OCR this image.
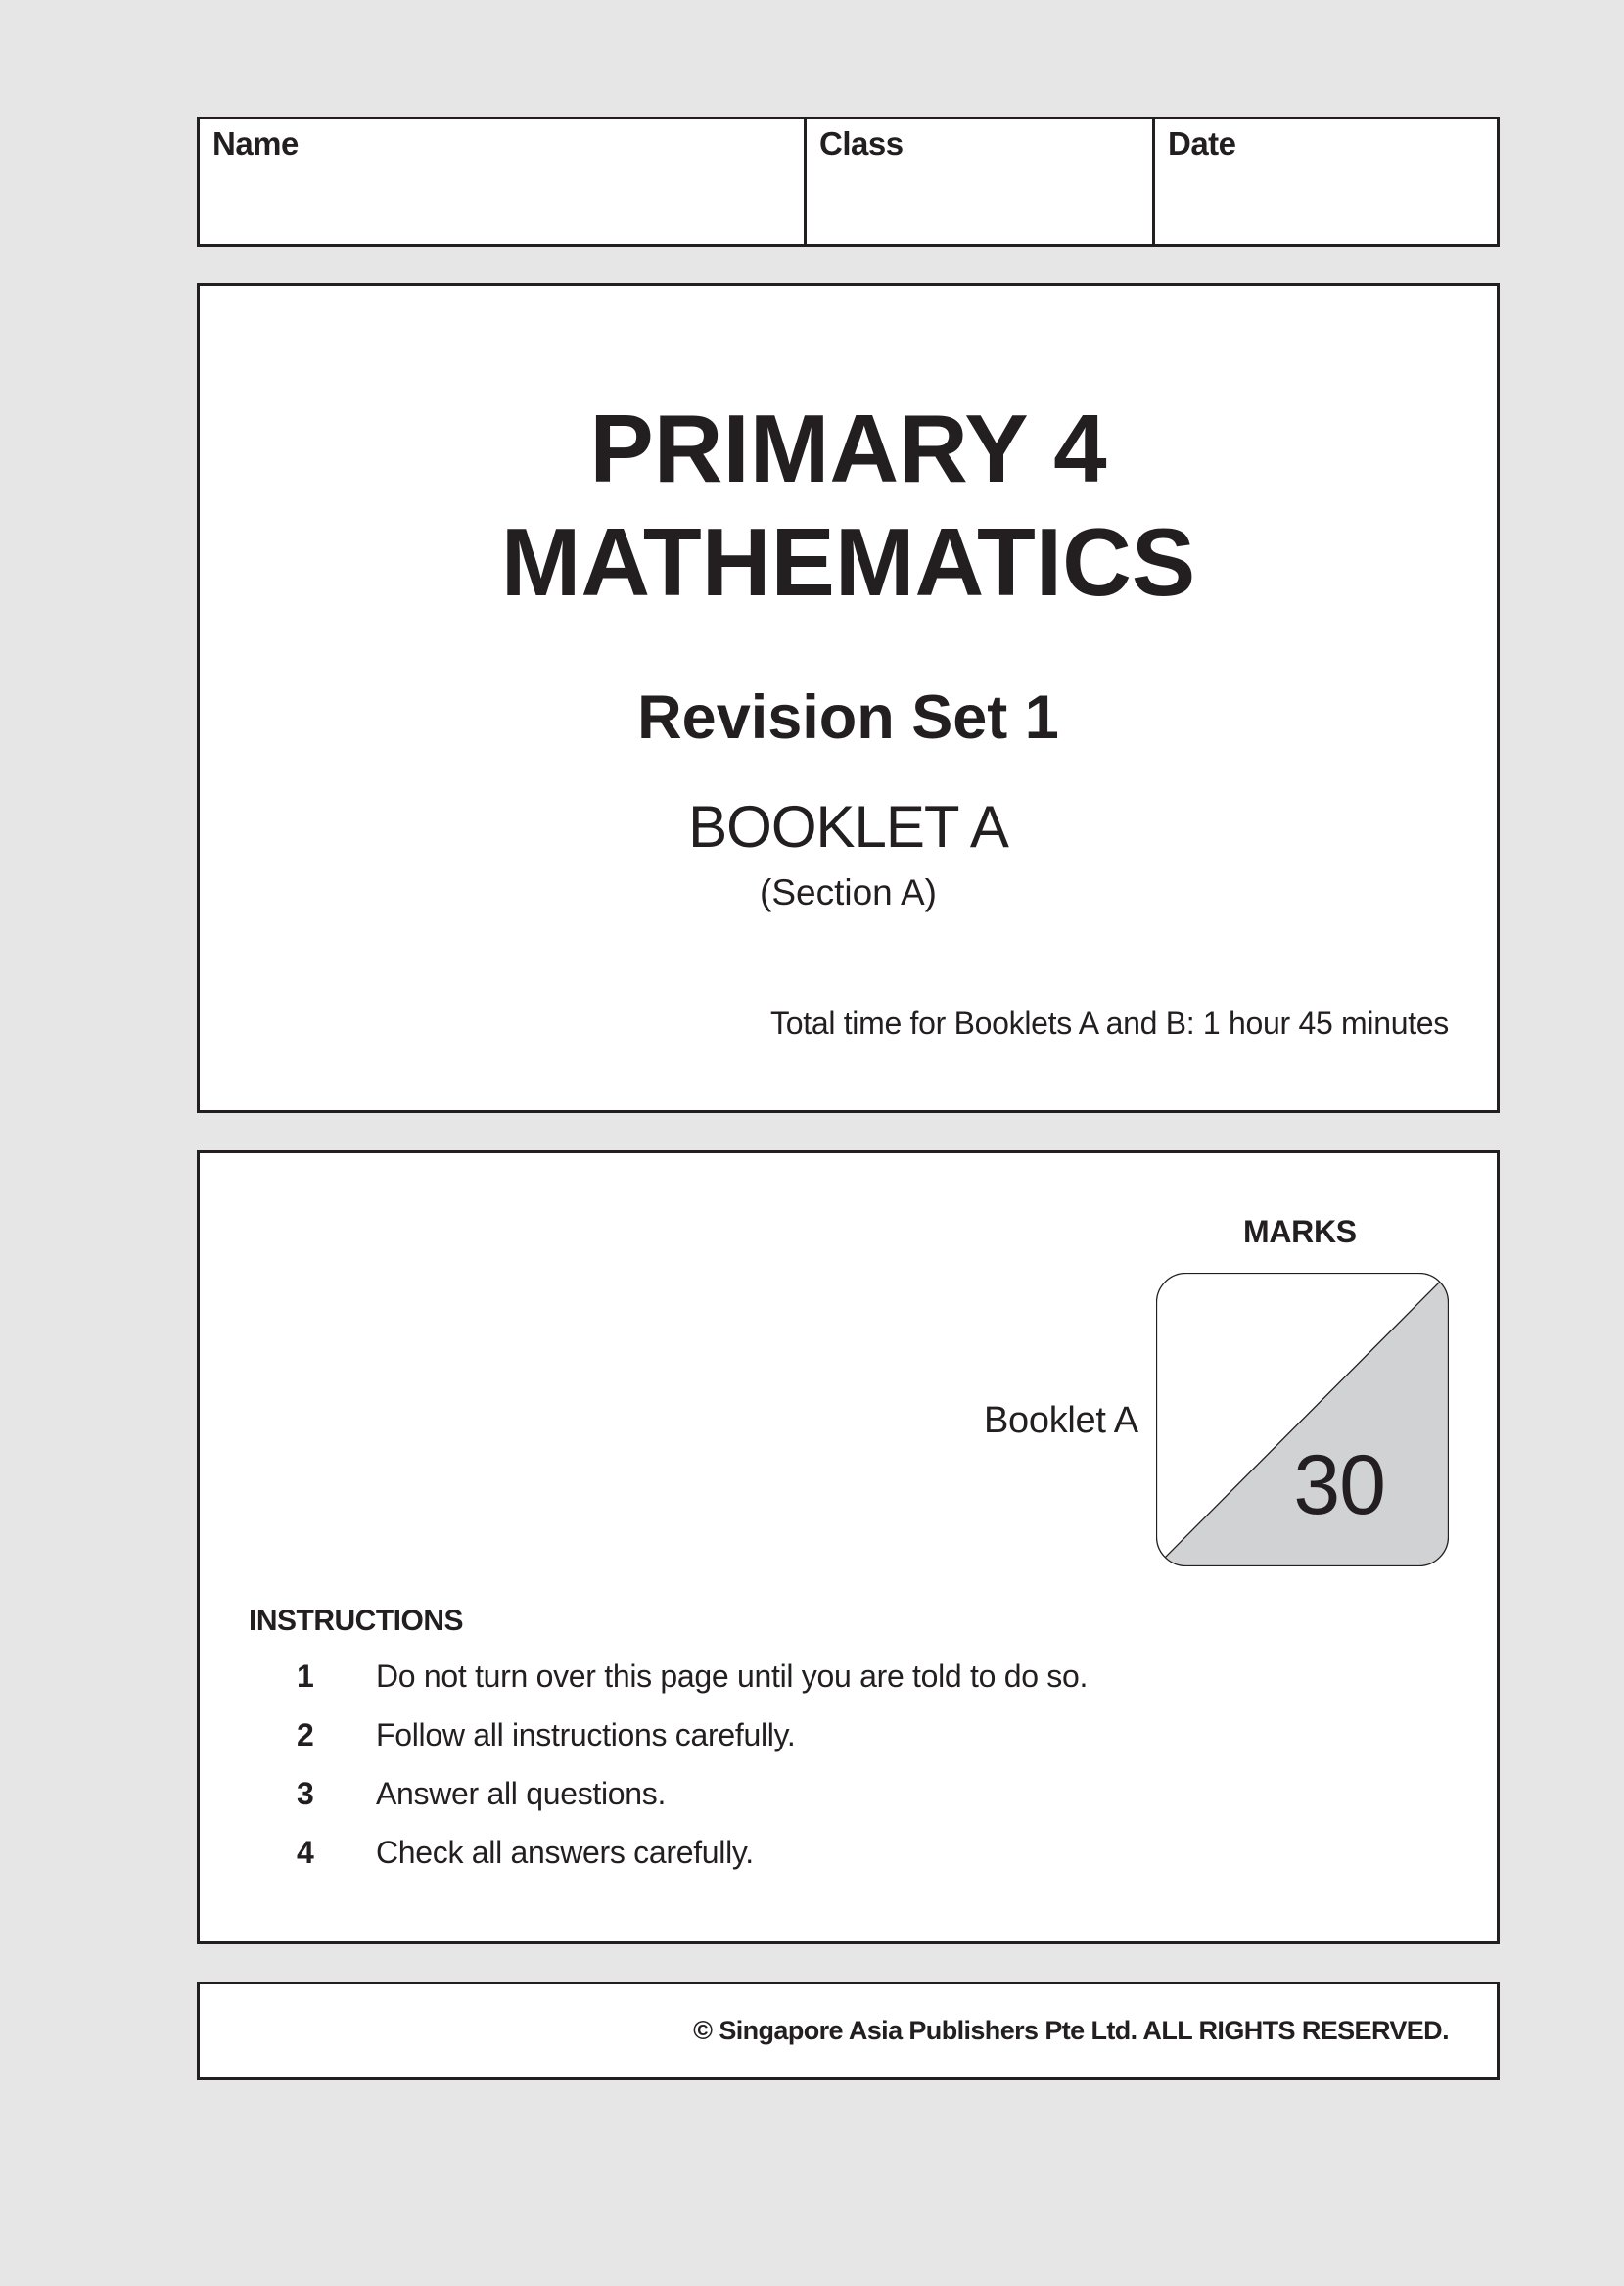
Name	Class	Date
PRIMARY 4
MATHEMATICS
Revision Set 1
BOOKLET A
(Section A)
Total time for Booklets A and B: 1 hour 45 minutes
MARKS
Booklet A
30
INSTRUCTIONS
1	Do not turn over this page until you are told to do so.
2	Follow all instructions carefully.
3	Answer all questions.
4	Check all answers carefully.
© Singapore Asia Publishers Pte Ltd. ALL RIGHTS RESERVED.
